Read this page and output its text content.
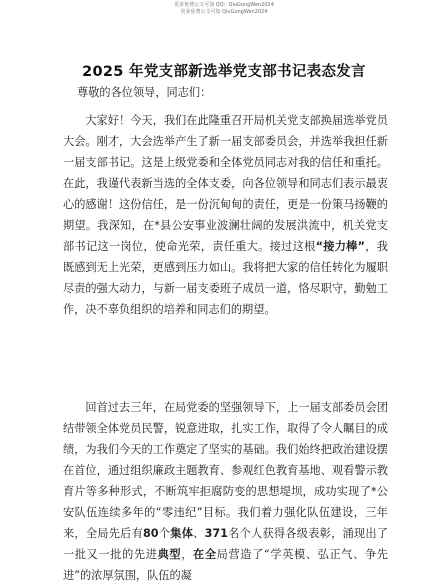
更多免费公文可加 QQ：QiuGongWen2024
更多免费公文可加 QiuGongWen2024
2025 年党支部新选举党支部书记表态发言
尊敬的各位领导，同志们：
大家好！今天，我们在此隆重召开局机关党支部换届选举党员大会。刚才，大会选举产生了新一届支部委员会，并选举我担任新一届支部书记。这是上级党委和全体党员同志对我的信任和重托。在此，我谨代表新当选的全体支委，向各位领导和同志们表示最衷心的感谢！这份信任，是一份沉甸甸的责任，更是一份策马扬鞭的期望。我深知，在*县公安事业波澜壮阔的发展洪流中，机关党支部书记这一岗位，使命光荣，责任重大。接过这根“接力棒”，我既感到无上光荣，更感到压力如山。我将把大家的信任转化为履职尽责的强大动力，与新一届支委班子成员一道，恪尽职守，勤勉工作，决不辜负组织的培养和同志们的期望。
回首过去三年，在局党委的坚强领导下，上一届支部委员会团结带领全体党员民警，锐意进取，扎实工作，取得了令人瞩目的成绩，为我们今天的工作奠定了坚实的基础。我们始终把政治建设摆在首位，通过组织廉政主题教育、参观红色教育基地、观看警示教育片等多种形式，不断筑牢拒腐防变的思想堤坝，成功实现了*公安队伍连续多年的“零违纪”目标。我们着力强化队伍建设，三年来，全局先后有80个集体、371名个人获得各级表彰，涌现出了一批又一批的先进典型，在全局营造了“学英模、弘正气、争先进”的浓厚氛围，队伍的凝
